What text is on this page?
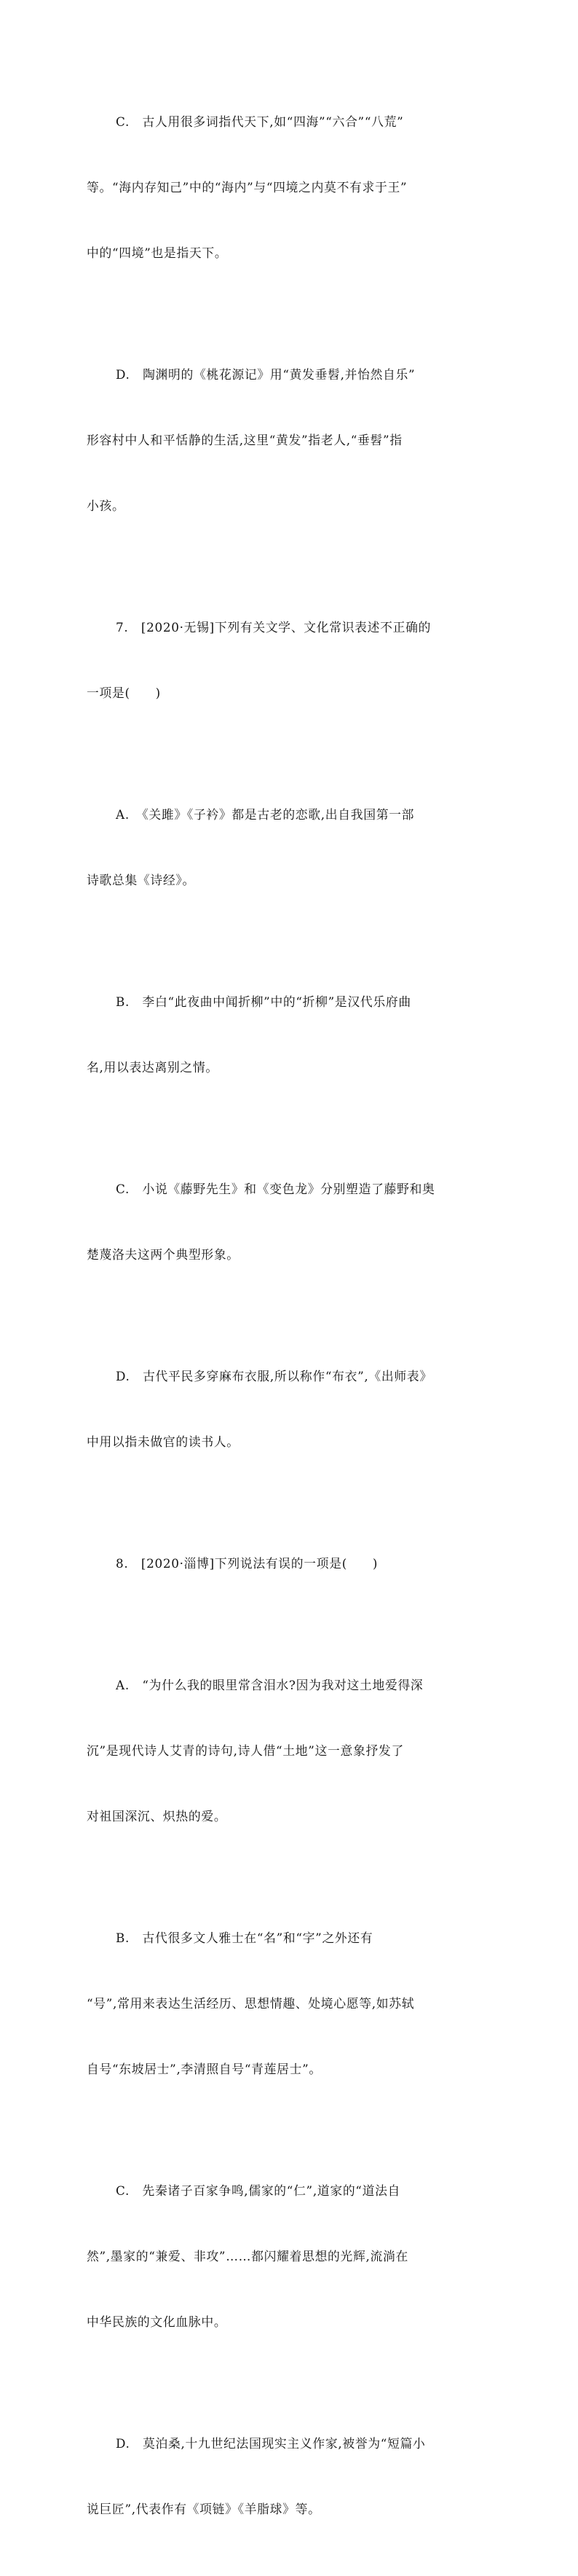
C.　古人用很多词指代天下,如“四海”“六合”“八荒”

等。“海内存知己”中的“海内”与“四境之内莫不有求于王”

中的“四境”也是指天下。

D.　陶渊明的《桃花源记》用“黄发垂髫,并怡然自乐”

形容村中人和平恬静的生活,这里“黄发”指老人,“垂髫”指

小孩。

7.　[2020·无锡]下列有关文学、文化常识表述不正确的

一项是(　　)

A.　《关雎》《子衿》都是古老的恋歌,出自我国第一部

诗歌总集《诗经》。

B.　李白“此夜曲中闻折柳”中的“折柳”是汉代乐府曲

名,用以表达离别之情。

C.　小说《藤野先生》和《变色龙》分别塑造了藤野和奥

楚蔑洛夫这两个典型形象。

D.　古代平民多穿麻布衣服,所以称作“布衣”,《出师表》

中用以指未做官的读书人。

8.　[2020·淄博]下列说法有误的一项是(　　)

A.　“为什么我的眼里常含泪水?因为我对这土地爱得深

沉”是现代诗人艾青的诗句,诗人借“土地”这一意象抒发了

对祖国深沉、炽热的爱。

B.　古代很多文人雅士在“名”和“字”之外还有

“号”,常用来表达生活经历、思想情趣、处境心愿等,如苏轼

自号“东坡居士”,李清照自号“青莲居士”。

C.　先秦诸子百家争鸣,儒家的“仁”,道家的“道法自

然”,墨家的“兼爱、非攻”……都闪耀着思想的光辉,流淌在

中华民族的文化血脉中。

D.　莫泊桑,十九世纪法国现实主义作家,被誉为“短篇小

说巨匠”,代表作有《项链》《羊脂球》等。
